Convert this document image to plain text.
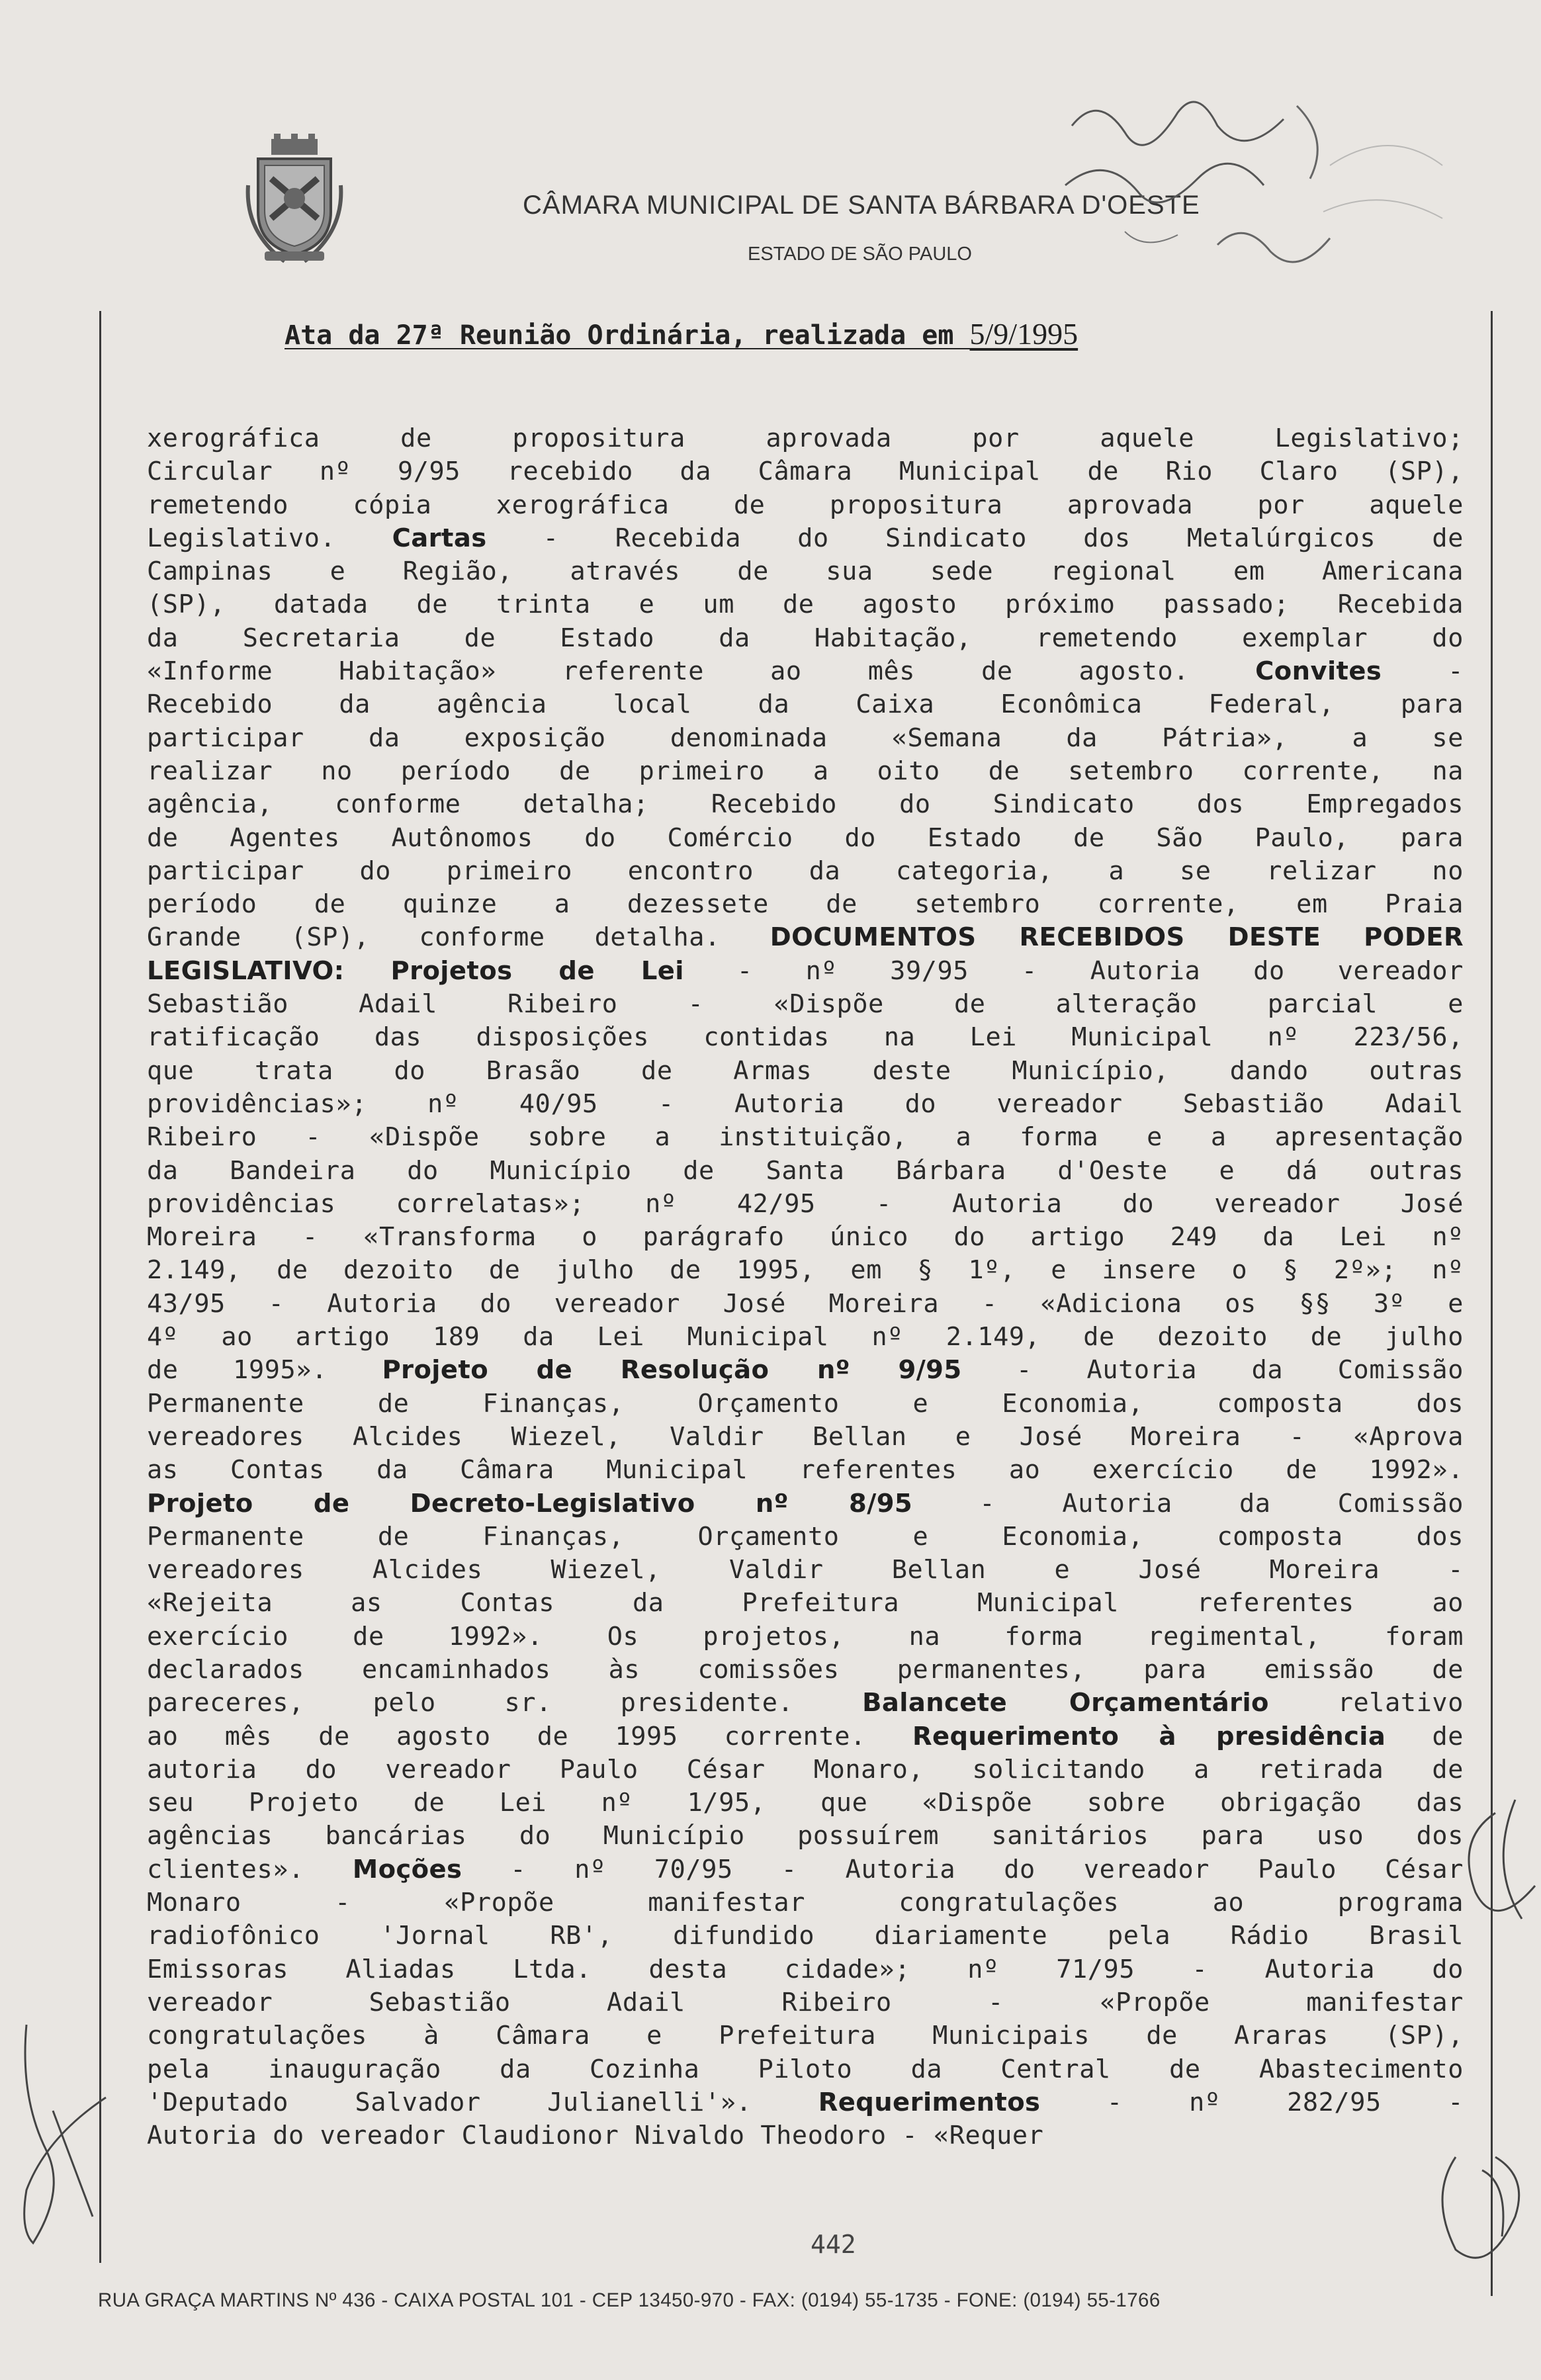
CÂMARA MUNICIPAL DE SANTA BÁRBARA D'OESTE
ESTADO DE SÃO PAULO
Ata da 27ª Reunião Ordinária, realizada em 5/9/1995
xerográfica de propositura aprovada por aquele Legislativo;
Circular nº 9/95 recebido da Câmara Municipal de Rio Claro (SP),
remetendo cópia xerográfica de propositura aprovada por aquele
Legislativo. Cartas - Recebida do Sindicato dos Metalúrgicos de
Campinas e Região, através de sua sede regional em Americana
(SP), datada de trinta e um de agosto próximo passado; Recebida
da Secretaria de Estado da Habitação, remetendo exemplar do
«Informe Habitação» referente ao mês de agosto. Convites -
Recebido da agência local da Caixa Econômica Federal, para
participar da exposição denominada «Semana da Pátria», a se
realizar no período de primeiro a oito de setembro corrente, na
agência, conforme detalha; Recebido do Sindicato dos Empregados
de Agentes Autônomos do Comércio do Estado de São Paulo, para
participar do primeiro encontro da categoria, a se relizar no
período de quinze a dezessete de setembro corrente, em Praia
Grande (SP), conforme detalha. DOCUMENTOS RECEBIDOS DESTE PODER
LEGISLATIVO: Projetos de Lei - nº 39/95 - Autoria do vereador
Sebastião Adail Ribeiro - «Dispõe de alteração parcial e
ratificação das disposições contidas na Lei Municipal nº 223/56,
que trata do Brasão de Armas deste Município, dando outras
providências»; nº 40/95 - Autoria do vereador Sebastião Adail
Ribeiro - «Dispõe sobre a instituição, a forma e a apresentação
da Bandeira do Município de Santa Bárbara d'Oeste e dá outras
providências correlatas»; nº 42/95 - Autoria do vereador José
Moreira - «Transforma o parágrafo único do artigo 249 da Lei nº
2.149, de dezoito de julho de 1995, em § 1º, e insere o § 2º»; nº
43/95 - Autoria do vereador José Moreira - «Adiciona os §§ 3º e
4º ao artigo 189 da Lei Municipal nº 2.149, de dezoito de julho
de 1995». Projeto de Resolução nº 9/95 - Autoria da Comissão
Permanente de Finanças, Orçamento e Economia, composta dos
vereadores Alcides Wiezel, Valdir Bellan e José Moreira - «Aprova
as Contas da Câmara Municipal referentes ao exercício de 1992».
Projeto de Decreto-Legislativo nº 8/95 - Autoria da Comissão
Permanente de Finanças, Orçamento e Economia, composta dos
vereadores Alcides Wiezel, Valdir Bellan e José Moreira -
«Rejeita as Contas da Prefeitura Municipal referentes ao
exercício de 1992». Os projetos, na forma regimental, foram
declarados encaminhados às comissões permanentes, para emissão de
pareceres, pelo sr. presidente. Balancete Orçamentário relativo
ao mês de agosto de 1995 corrente. Requerimento à presidência de
autoria do vereador Paulo César Monaro, solicitando a retirada de
seu Projeto de Lei nº 1/95, que «Dispõe sobre obrigação das
agências bancárias do Município possuírem sanitários para uso dos
clientes». Moções - nº 70/95 - Autoria do vereador Paulo César
Monaro - «Propõe manifestar congratulações ao programa
radiofônico 'Jornal RB', difundido diariamente pela Rádio Brasil
Emissoras Aliadas Ltda. desta cidade»; nº 71/95 - Autoria do
vereador Sebastião Adail Ribeiro - «Propõe manifestar
congratulações à Câmara e Prefeitura Municipais de Araras (SP),
pela inauguração da Cozinha Piloto da Central de Abastecimento
'Deputado Salvador Julianelli'». Requerimentos - nº 282/95 -
Autoria do vereador Claudionor Nivaldo Theodoro - «Requer
442
RUA GRAÇA MARTINS Nº 436 - CAIXA POSTAL 101 - CEP 13450-970 - FAX: (0194) 55-1735 - FONE: (0194) 55-1766
